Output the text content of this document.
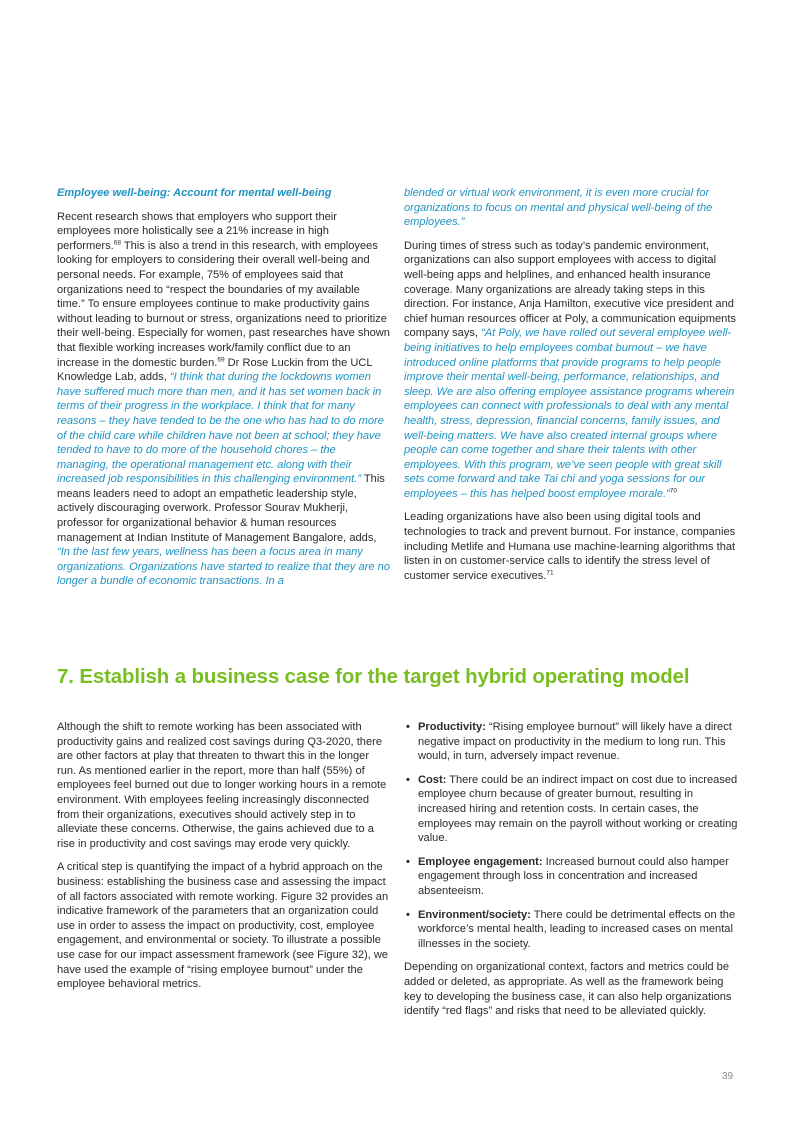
Employee well-being: Account for mental well-being

Recent research shows that employers who support their employees more holistically see a 21% increase in high performers.$^{68}$ This is also a trend in this research, with employees looking for employers to considering their overall well-being and personal needs. For example, 75% of employees said that organizations need to “respect the boundaries of my available time.” To ensure employees continue to make productivity gains without leading to burnout or stress, organizations need to prioritize their well-being. Especially for women, past researches have shown that flexible working increases work/family conflict due to an increase in the domestic burden.$^{69}$ Dr Rose Luckin from the UCL Knowledge Lab, adds, “I think that during the lockdowns women have suffered much more than men, and it has set women back in terms of their progress in the workplace. I think that for many reasons – they have tended to be the one who has had to do more of the child care while children have not been at school; they have tended to have to do more of the household chores – the managing, the operational management etc. along with their increased job responsibilities in this challenging environment.” This means leaders need to adopt an empathetic leadership style, actively discouraging overwork. Professor Sourav Mukherji, professor for organizational behavior & human resources management at Indian Institute of Management Bangalore, adds, “In the last few years, wellness has been a focus area in many organizations. Organizations have started to realize that they are no longer a bundle of economic transactions. In a

blended or virtual work environment, it is even more crucial for organizations to focus on mental and physical well-being of the employees.”

During times of stress such as today’s pandemic environment, organizations can also support employees with access to digital well-being apps and helplines, and enhanced health insurance coverage. Many organizations are already taking steps in this direction. For instance, Anja Hamilton, executive vice president and chief human resources officer at Poly, a communication equipments company says, “At Poly, we have rolled out several employee well-being initiatives to help employees combat burnout – we have introduced online platforms that provide programs to help people improve their mental well-being, performance, relationships, and sleep. We are also offering employee assistance programs wherein employees can connect with professionals to deal with any mental health, stress, depression, financial concerns, family issues, and well-being matters. We have also created internal groups where people can come together and share their talents with other employees. With this program, we’ve seen people with great skill sets come forward and take Tai chi and yoga sessions for our employees – this has helped boost employee morale.”$^{70}$

Leading organizations have also been using digital tools and technologies to track and prevent burnout. For instance, companies including Metlife and Humana use machine-learning algorithms that listen in on customer-service calls to identify the stress level of customer service executives.$^{71}$

7. Establish a business case for the target hybrid operating model

Although the shift to remote working has been associated with productivity gains and realized cost savings during Q3-2020, there are other factors at play that threaten to thwart this in the longer run. As mentioned earlier in the report, more than half (55%) of employees feel burned out due to longer working hours in a remote environment. With employees feeling increasingly disconnected from their organizations, executives should actively step in to alleviate these concerns. Otherwise, the gains achieved due to a rise in productivity and cost savings may erode very quickly.

A critical step is quantifying the impact of a hybrid approach on the business: establishing the business case and assessing the impact of all factors associated with remote working. Figure 32 provides an indicative framework of the parameters that an organization could use in order to assess the impact on productivity, cost, employee engagement, and environmental or society. To illustrate a possible use case for our impact assessment framework (see Figure 32), we have used the example of “rising employee burnout” under the employee behavioral metrics.

• Productivity: “Rising employee burnout” will likely have a direct negative impact on productivity in the medium to long run. This would, in turn, adversely impact revenue.
• Cost: There could be an indirect impact on cost due to increased employee churn because of greater burnout, resulting in increased hiring and retention costs. In certain cases, the employees may remain on the payroll without working or creating value.
• Employee engagement: Increased burnout could also hamper engagement through loss in concentration and increased absenteeism.
• Environment/society: There could be detrimental effects on the workforce’s mental health, leading to increased cases on mental illnesses in the society.

Depending on organizational context, factors and metrics could be added or deleted, as appropriate. As well as the framework being key to developing the business case, it can also help organizations identify “red flags” and risks that need to be alleviated quickly.

39
